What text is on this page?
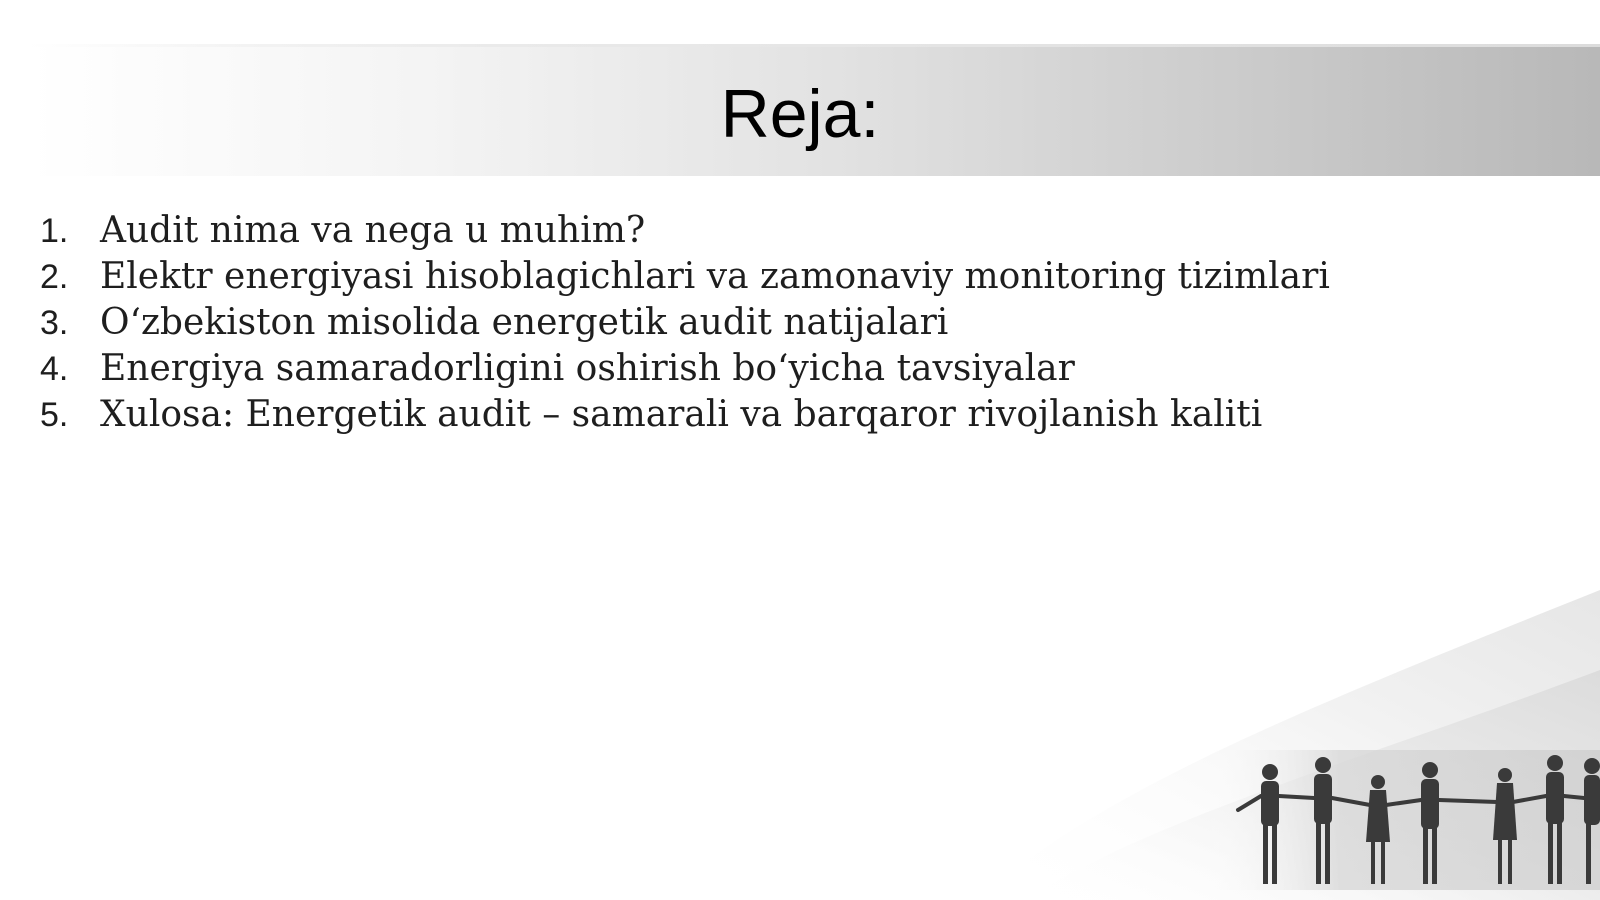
Reja:
1. Audit nima va nega u muhim?
2. Elektr energiyasi hisoblagichlari va zamonaviy monitoring tizimlari
3. O‘zbekiston misolida energetik audit natijalari
4. Energiya samaradorligini oshirish bo‘yicha tavsiyalar
5. Xulosa: Energetik audit – samarali va barqaror rivojlanish kaliti
